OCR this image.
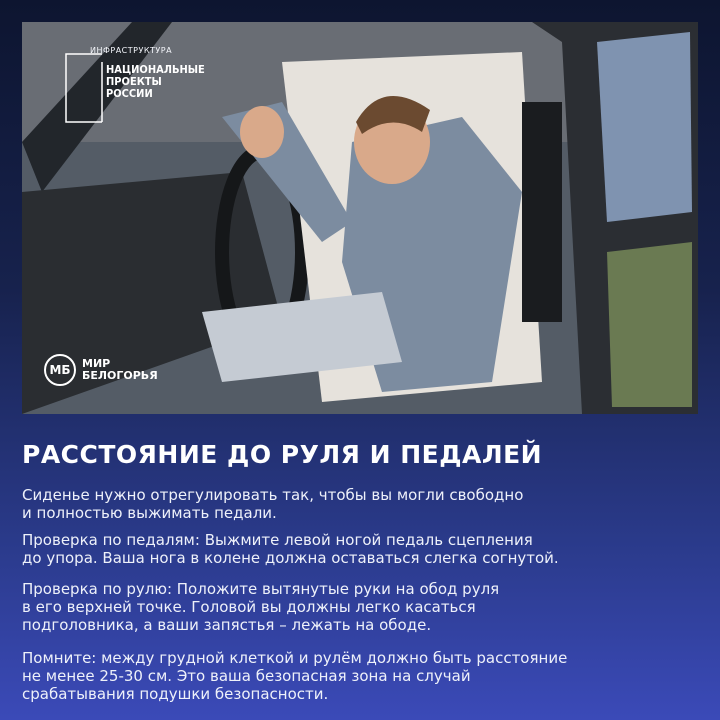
ИНФРАСТРУКТУРА
НАЦИОНАЛЬНЫЕ
ПРОЕКТЫ
РОССИИ
МБ	МИР
БЕЛОГОРЬЯ
РАССТОЯНИЕ ДО РУЛЯ И ПЕДАЛЕЙ
Сиденье нужно отрегулировать так, чтобы вы могли свободно
и полностью выжимать педали.
Проверка по педалям: Выжмите левой ногой педаль сцепления
до упора. Ваша нога в колене должна оставаться слегка согнутой.
Проверка по рулю: Положите вытянутые руки на обод руля
в его верхней точке. Головой вы должны легко касаться
подголовника, а ваши запястья – лежать на ободе.
Помните: между грудной клеткой и рулём должно быть расстояние
не менее 25-30 см. Это ваша безопасная зона на случай
срабатывания подушки безопасности.
